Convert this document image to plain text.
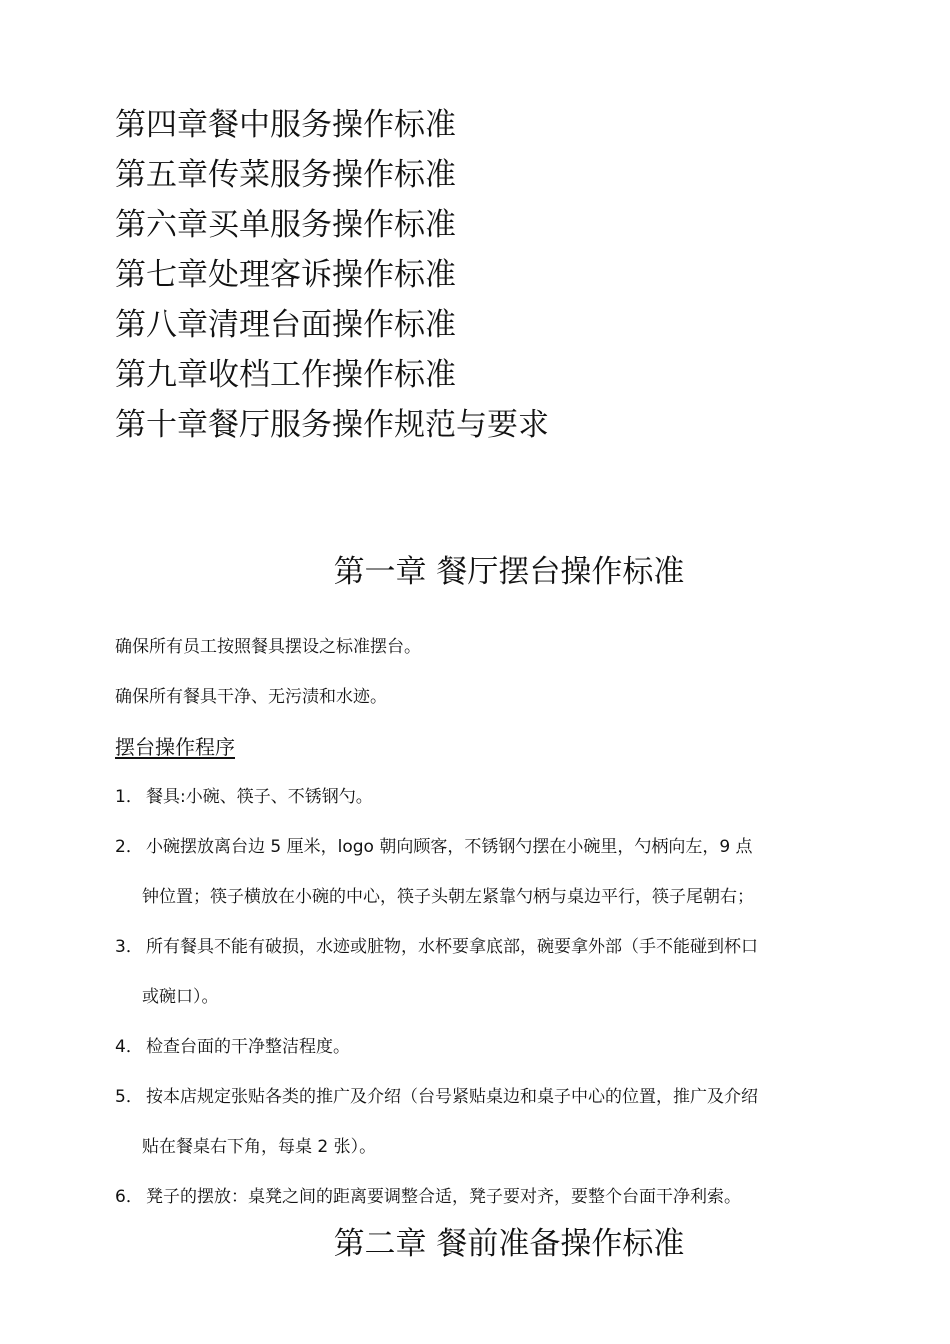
第四章餐中服务操作标准
第五章传菜服务操作标准
第六章买单服务操作标准
第七章处理客诉操作标准
第八章清理台面操作标准
第九章收档工作操作标准
第十章餐厅服务操作规范与要求
第一章 餐厅摆台操作标准
确保所有员工按照餐具摆设之标准摆台。
确保所有餐具干净、无污渍和水迹。
摆台操作程序
1． 餐具:小碗、筷子、不锈钢勺。
2． 小碗摆放离台边 5 厘米，logo 朝向顾客，不锈钢勺摆在小碗里，勺柄向左，9 点
钟位置；筷子横放在小碗的中心，筷子头朝左紧靠勺柄与桌边平行，筷子尾朝右；
3． 所有餐具不能有破损，水迹或脏物，水杯要拿底部，碗要拿外部（手不能碰到杯口
或碗口）。
4． 检查台面的干净整洁程度。
5． 按本店规定张贴各类的推广及介绍（台号紧贴桌边和桌子中心的位置，推广及介绍
贴在餐桌右下角，每桌 2 张）。
6． 凳子的摆放：桌凳之间的距离要调整合适，凳子要对齐，要整个台面干净利索。
第二章 餐前准备操作标准
